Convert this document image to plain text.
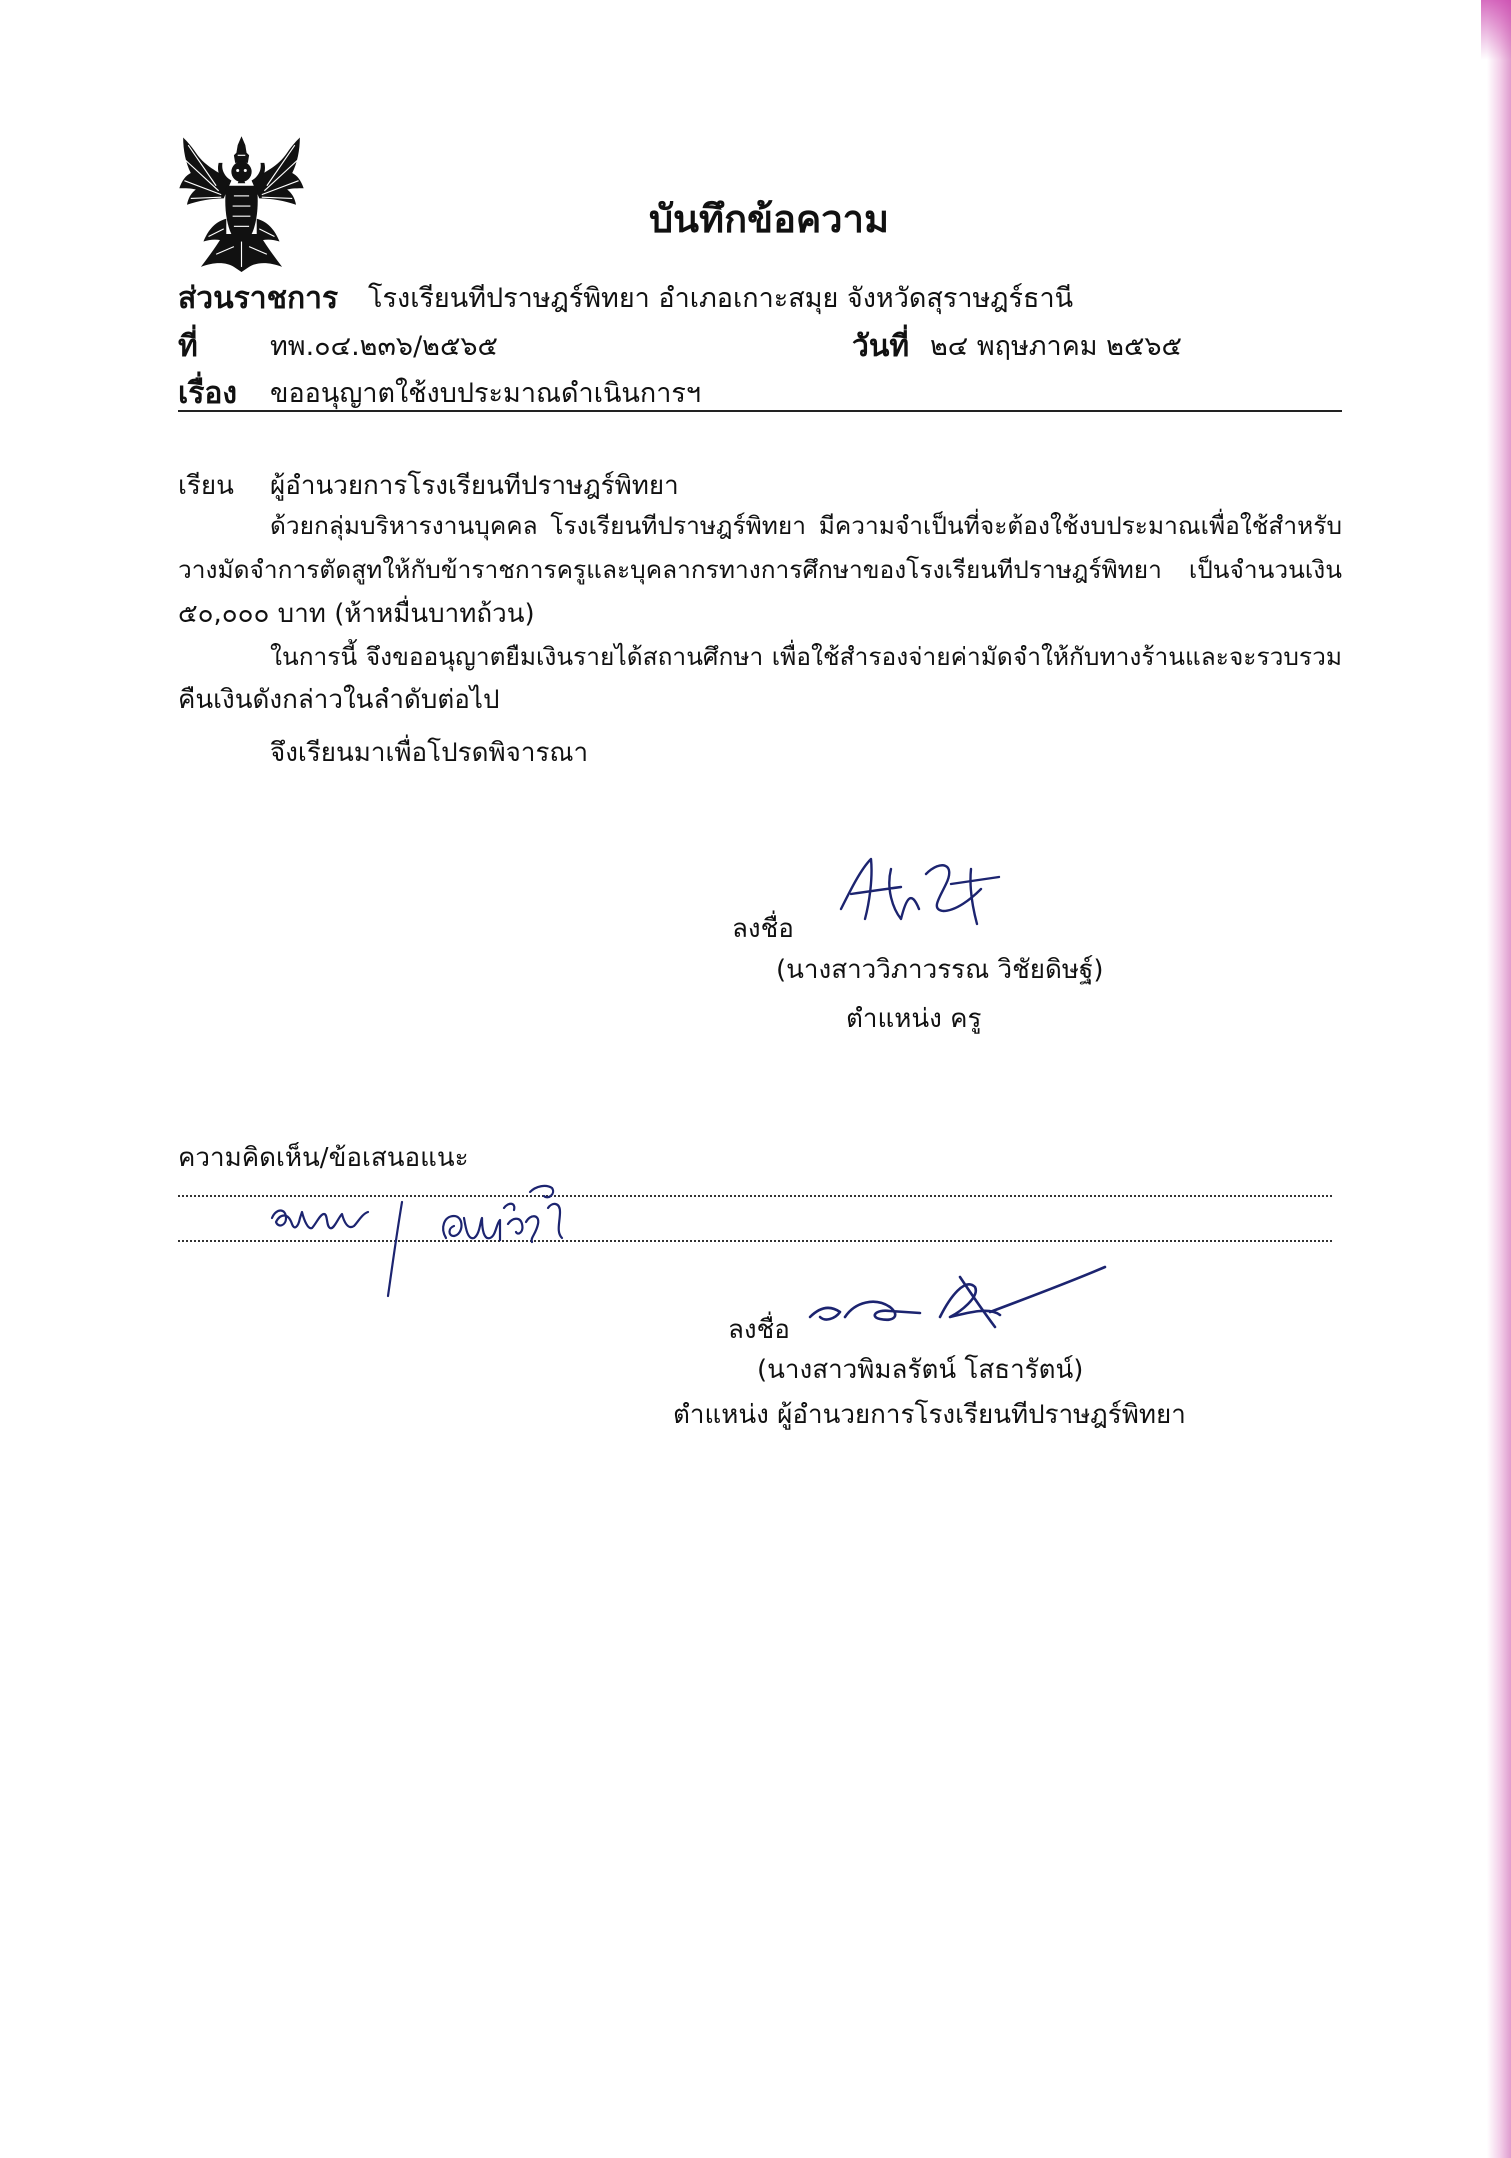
บันทึกข้อความ
ส่วนราชการ โรงเรียนทีปราษฎร์พิทยา อำเภอเกาะสมุย จังหวัดสุราษฎร์ธานี
ที่	ทพ.๐๔.๒๓๖/๒๕๖๕	วันที่ ๒๔ พฤษภาคม ๒๕๖๕
เรื่อง ขออนุญาตใช้งบประมาณดำเนินการฯ
เรียน ผู้อำนวยการโรงเรียนทีปราษฎร์พิทยา
ด้วยกลุ่มบริหารงานบุคคล โรงเรียนทีปราษฎร์พิทยา มีความจำเป็นที่จะต้องใช้งบประมาณเพื่อใช้สำหรับ
วางมัดจำการตัดสูทให้กับข้าราชการครูและบุคลากรทางการศึกษาของโรงเรียนทีปราษฎร์พิทยา เป็นจำนวนเงิน
๕๐,๐๐๐ บาท (ห้าหมื่นบาทถ้วน)
ในการนี้ จึงขออนุญาตยืมเงินรายได้สถานศึกษา เพื่อใช้สำรองจ่ายค่ามัดจำให้กับทางร้านและจะรวบรวม
คืนเงินดังกล่าวในลำดับต่อไป
จึงเรียนมาเพื่อโปรดพิจารณา
ลงชื่อ
(นางสาววิภาวรรณ วิชัยดิษฐ์)
ตำแหน่ง ครู
ความคิดเห็น/ข้อเสนอแนะ
ลงชื่อ
(นางสาวพิมลรัตน์ โสธารัตน์)
ตำแหน่ง ผู้อำนวยการโรงเรียนทีปราษฎร์พิทยา
